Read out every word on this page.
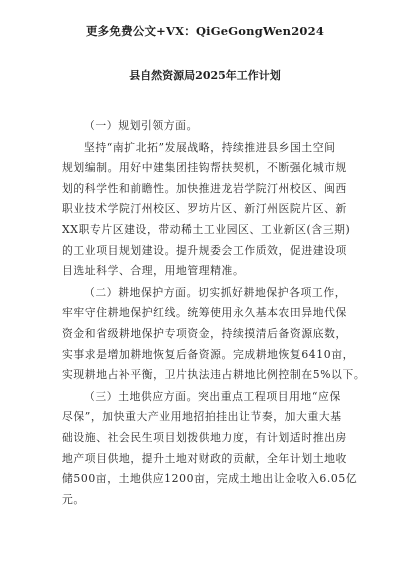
更多免费公文+VX：QiGeGongWen2024
县自然资源局2025年工作计划

（一）规划引领方面。

坚持“南扩北拓”发展战略，持续推进县乡国土空间
规划编制。用好中建集团挂钩帮扶契机，不断强化城市规
划的科学性和前瞻性。加快推进龙岩学院汀州校区、闽西
职业技术学院汀州校区、罗坊片区、新汀州医院片区、新
XX职专片区建设，带动稀土工业园区、工业新区(含三期)
的工业项目规划建设。提升规委会工作质效，促进建设项
目选址科学、合理，用地管理精准。

（二）耕地保护方面。切实抓好耕地保护各项工作，
牢牢守住耕地保护红线。统筹使用永久基本农田异地代保
资金和省级耕地保护专项资金，持续摸清后备资源底数，
实事求是增加耕地恢复后备资源。完成耕地恢复6410亩，
实现耕地占补平衡，卫片执法违占耕地比例控制在5%以下。

（三）土地供应方面。突出重点工程项目用地“应保
尽保”，加快重大产业用地招拍挂出让节奏，加大重大基
础设施、社会民生项目划拨供地力度，有计划适时推出房
地产项目供地，提升土地对财政的贡献，全年计划土地收
储500亩，土地供应1200亩，完成土地出让金收入6.05亿
元。
